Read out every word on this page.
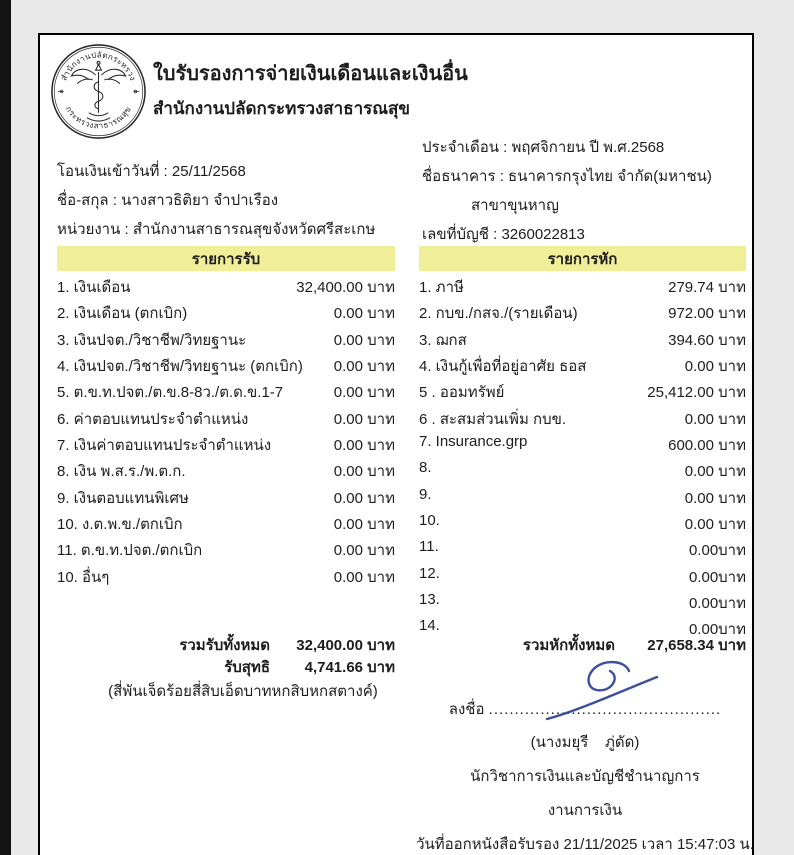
สำนักงานปลัดกระทรวง
กระทรวงสาธารณสุข
ใบรับรองการจ่ายเงินเดือนและเงินอื่น
สำนักงานปลัดกระทรวงสาธารณสุข
ประจำเดือน : พฤศจิกายน ปี พ.ศ.2568
โอนเงินเข้าวันที่ : 25/11/2568	ชื่อธนาคาร : ธนาคารกรุงไทย จำกัด(มหาชน)
ชื่อ-สกุล : นางสาวธิติยา จำปาเรือง	สาขาขุนหาญ
หน่วยงาน : สำนักงานสาธารณสุขจังหวัดศรีสะเกษ	เลขที่บัญชี : 3260022813
รายการรับ	รายการหัก
1. เงินเดือน	32,400.00 บาท
2. เงินเดือน (ตกเบิก)	0.00 บาท
3. เงินปจต./วิชาชีพ/วิทยฐานะ	0.00 บาท
4. เงินปจต./วิชาชีพ/วิทยฐานะ (ตกเบิก) 0.00 บาท
5. ต.ข.ท.ปจต./ต.ข.8-8ว./ต.ด.ข.1-7	0.00 บาท
6. ค่าตอบแทนประจำตำแหน่ง	0.00 บาท
7. เงินค่าตอบแทนประจำตำแหน่ง	0.00 บาท
8. เงิน พ.ส.ร./พ.ต.ก.	0.00 บาท
9. เงินตอบแทนพิเศษ	0.00 บาท
10. ง.ต.พ.ข./ตกเบิก	0.00 บาท
11. ต.ข.ท.ปจต./ตกเบิก	0.00 บาท
10. อื่นๆ	0.00 บาท
1. ภาษี	279.74 บาท
2. กบข./กสจ./(รายเดือน)	972.00 บาท
3. ฌกส	394.60 บาท
4. เงินกู้เพื่อที่อยู่อาศัย ธอส	0.00 บาท
5 . ออมทรัพย์	25,412.00 บาท
6 . สะสมส่วนเพิ่ม กบข.	0.00 บาท
7. Insurance.grp	600.00 บาท
8.	0.00 บาท
9.	0.00 บาท
10.	0.00 บาท
11.	0.00บาท
12.	0.00บาท
13.	0.00บาท
14.	0.00บาท
รวมรับทั้งหมด	32,400.00 บาท
รับสุทธิ	4,741.66 บาท
รวมหักทั้งหมด	27,658.34 บาท
(สี่พันเจ็ดร้อยสี่สิบเอ็ดบาทหกสิบหกสตางค์)
ลงชื่อ .............................................
(นางมยุรี    ภู่ดัด)
นักวิชาการเงินและบัญชีชำนาญการ
งานการเงิน
วันที่ออกหนังสือรับรอง 21/11/2025 เวลา 15:47:03 น.
